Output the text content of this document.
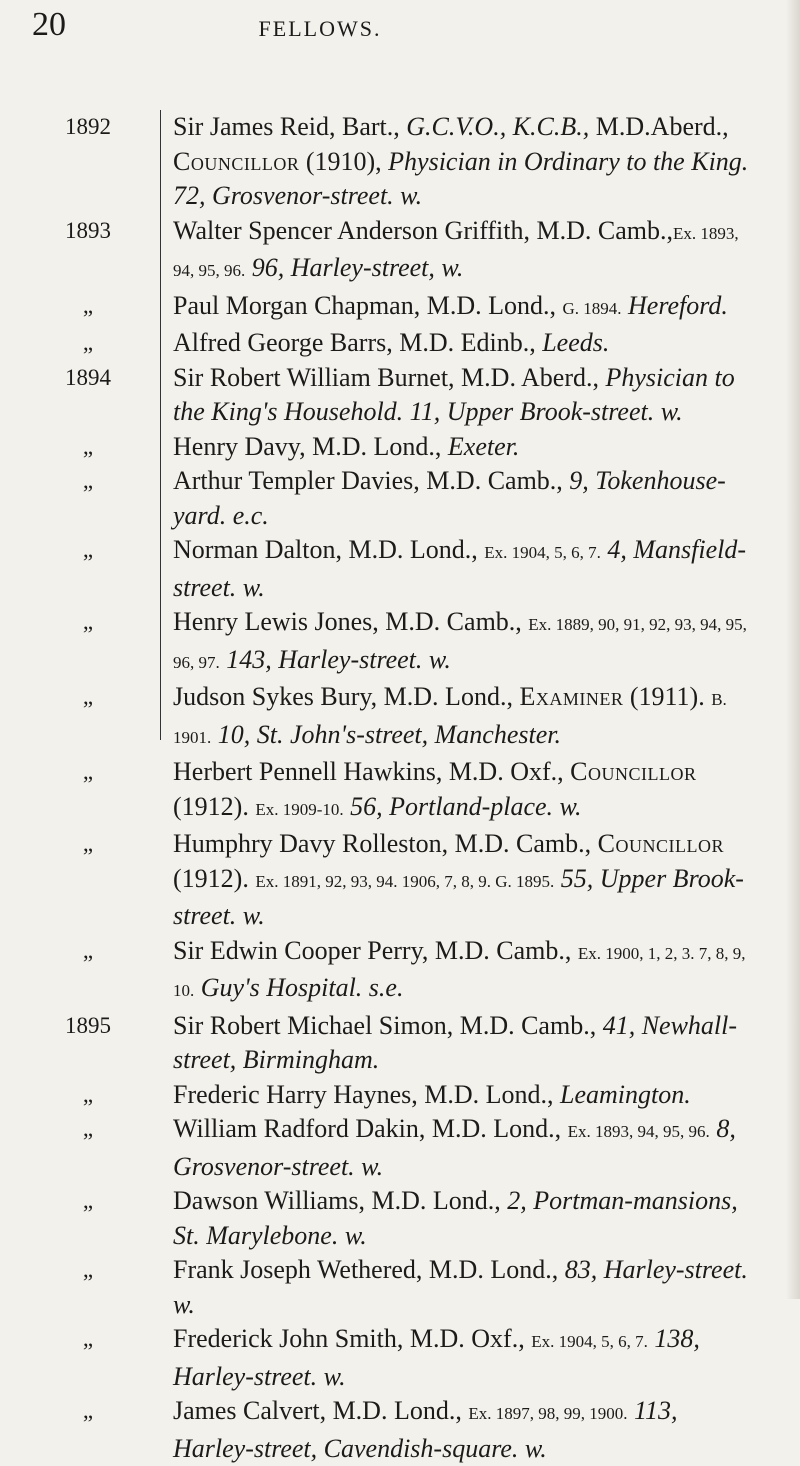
20	FELLOWS.
1892	Sir James Reid, Bart., G.C.V.O., K.C.B., M.D.Aberd., Councillor (1910), Physician in Ordinary to the King. 72, Grosvenor-street. w.
1893	Walter Spencer Anderson Griffith, M.D. Camb.,Ex. 1893, 94, 95, 96. 96, Harley-street, w.
„	Paul Morgan Chapman, M.D. Lond., G. 1894. Hereford.
„	Alfred George Barrs, M.D. Edinb., Leeds.
1894	Sir Robert William Burnet, M.D. Aberd., Physician to the King's Household. 11, Upper Brook-street. w.
„	Henry Davy, M.D. Lond., Exeter.
„	Arthur Templer Davies, M.D. Camb., 9, Tokenhouse-yard. e.c.
„	Norman Dalton, M.D. Lond., Ex. 1904, 5, 6, 7. 4, Mansfield-street. w.
„	Henry Lewis Jones, M.D. Camb., Ex. 1889, 90, 91, 92, 93, 94, 95, 96, 97. 143, Harley-street. w.
„	Judson Sykes Bury, M.D. Lond., Examiner (1911). B. 1901. 10, St. John's-street, Manchester.
„	Herbert Pennell Hawkins, M.D. Oxf., Councillor (1912). Ex. 1909-10. 56, Portland-place. w.
„	Humphry Davy Rolleston, M.D. Camb., Councillor (1912). Ex. 1891, 92, 93, 94. 1906, 7, 8, 9. G. 1895. 55, Upper Brook-street. w.
„	Sir Edwin Cooper Perry, M.D. Camb., Ex. 1900, 1, 2, 3. 7, 8, 9, 10. Guy's Hospital. s.e.
1895	Sir Robert Michael Simon, M.D. Camb., 41, Newhall-street, Birmingham.
„	Frederic Harry Haynes, M.D. Lond., Leamington.
„	William Radford Dakin, M.D. Lond., Ex. 1893, 94, 95, 96. 8, Grosvenor-street. w.
„	Dawson Williams, M.D. Lond., 2, Portman-mansions, St. Marylebone. w.
„	Frank Joseph Wethered, M.D. Lond., 83, Harley-street. w.
„	Frederick John Smith, M.D. Oxf., Ex. 1904, 5, 6, 7. 138, Harley-street. w.
„	James Calvert, M.D. Lond., Ex. 1897, 98, 99, 1900. 113, Harley-street, Cavendish-square. w.
